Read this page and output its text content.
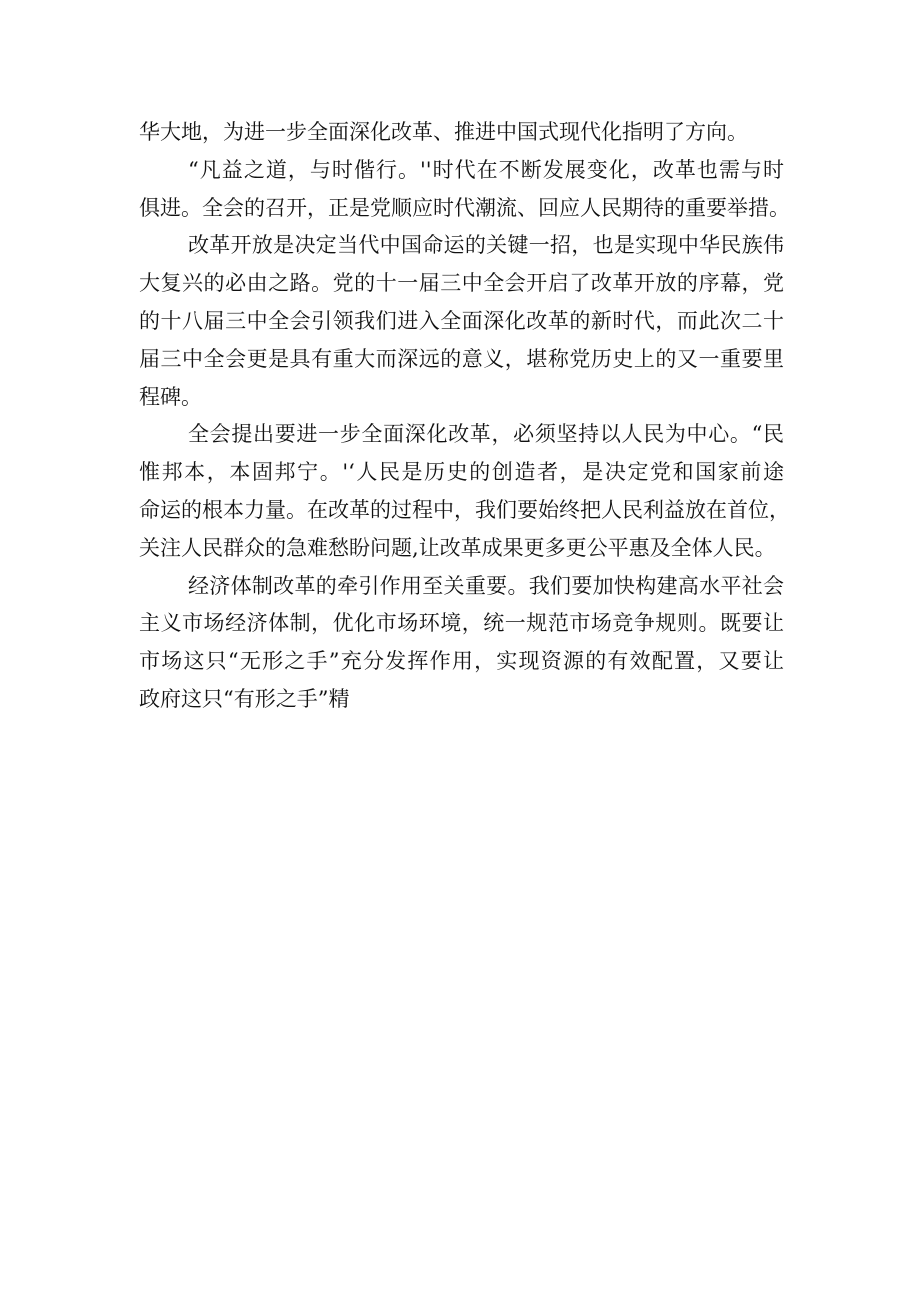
华大地，为进一步全面深化改革、推进中国式现代化指明了方向。
“凡益之道，与时偕行。''时代在不断发展变化，改革也需与时
俱进。全会的召开，正是党顺应时代潮流、回应人民期待的重要举措。
改革开放是决定当代中国命运的关键一招，也是实现中华民族伟
大复兴的必由之路。党的十一届三中全会开启了改革开放的序幕，党
的十八届三中全会引领我们进入全面深化改革的新时代，而此次二十
届三中全会更是具有重大而深远的意义，堪称党历史上的又一重要里
程碑。
全会提出要进一步全面深化改革，必须坚持以人民为中心。“民
惟邦本，本固邦宁。'‘人民是历史的创造者，是决定党和国家前途
命运的根本力量。在改革的过程中，我们要始终把人民利益放在首位，
关注人民群众的急难愁盼问题,让改革成果更多更公平惠及全体人民。
经济体制改革的牵引作用至关重要。我们要加快构建高水平社会
主义市场经济体制，优化市场环境，统一规范市场竞争规则。既要让
市场这只“无形之手”充分发挥作用，实现资源的有效配置，又要让
政府这只“有形之手”精
